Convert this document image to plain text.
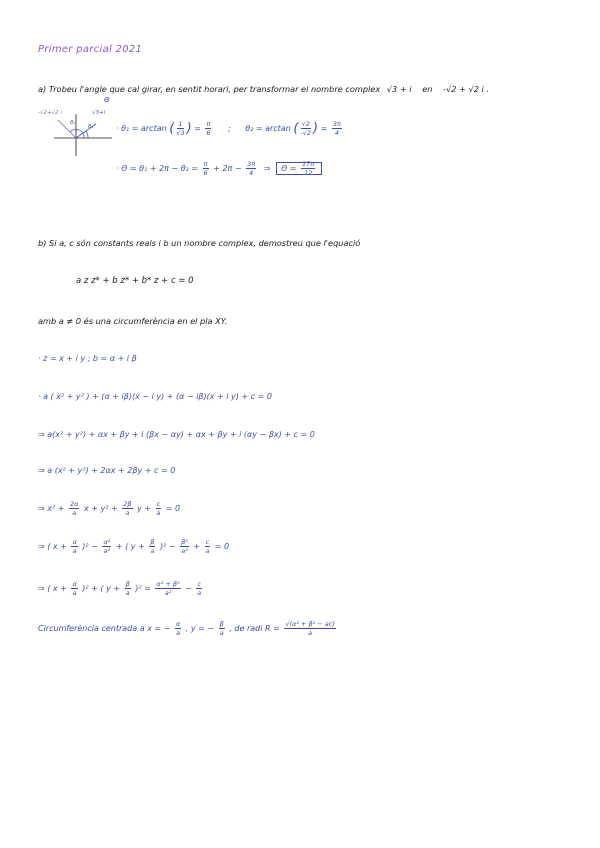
Primer parcial 2021
a) Trobeu l'angle que cal girar, en sentit horari, per transformar el nombre complex √3 + i en -√2 + √2 i .
Θ
-√2+√2 i	√3+i
θ₂
θ₁	· θ₁ = arctan ( $\frac{1}{√3}$ ) = $\frac{\pi}{6}$ ; θ₂ = arctan ( $\frac{√2}{-√2}$ ) = $\frac{3\pi}{4}$
· $\Theta = \theta_1 + 2\pi - \theta_2 = \frac{\pi}{6} + 2\pi - \frac{3\pi}{4}$ ⇒ $\Theta = \frac{17\pi}{12}$
b) Si a, c són constants reals i b un nombre complex, demostreu que l'equació
a z z* + b z* + b* z + c = 0
amb a ≠ 0 és una circumferència en el pla XY.
· z = x + i y ; b = α + i β
· a ( x² + y² ) + (α + iβ)(x − i y) + (α − iβ)(x + i y) + c = 0
⇒ a(x² + y²) + αx + βy + i (βx − αy) + αx + βy + i (αy − βx) + c = 0
⇒ a (x² + y²) + 2αx + 2βy + c = 0
⇒ $x^2 + \frac{2\alpha}{a}$ $x + y^2 + \frac{2\beta}{a}$ $y + \frac{c}{a} = 0$
⇒ ( $x + \frac{\alpha}{a} )^2 - \frac{\text{α²}}{\text{a²}}$ + ( $y + \frac{\beta}{a} )^2 - \frac{\text{β²}}{\text{a²}} + \frac{c}{a} = 0$
⇒ ( $x + \frac{\alpha}{a} )^2$ + ( $y + \frac{\beta}{a} )^2 = \frac{\text{α² + β²}}{\text{a²}} - \frac{c}{a}$
Circumferència centrada a x = − $\frac{\alpha}{a}$ , y = − $\frac{\beta}{a}$ , de radi $R = \frac{\text{√(α² + β² − ac)}}{a}$
